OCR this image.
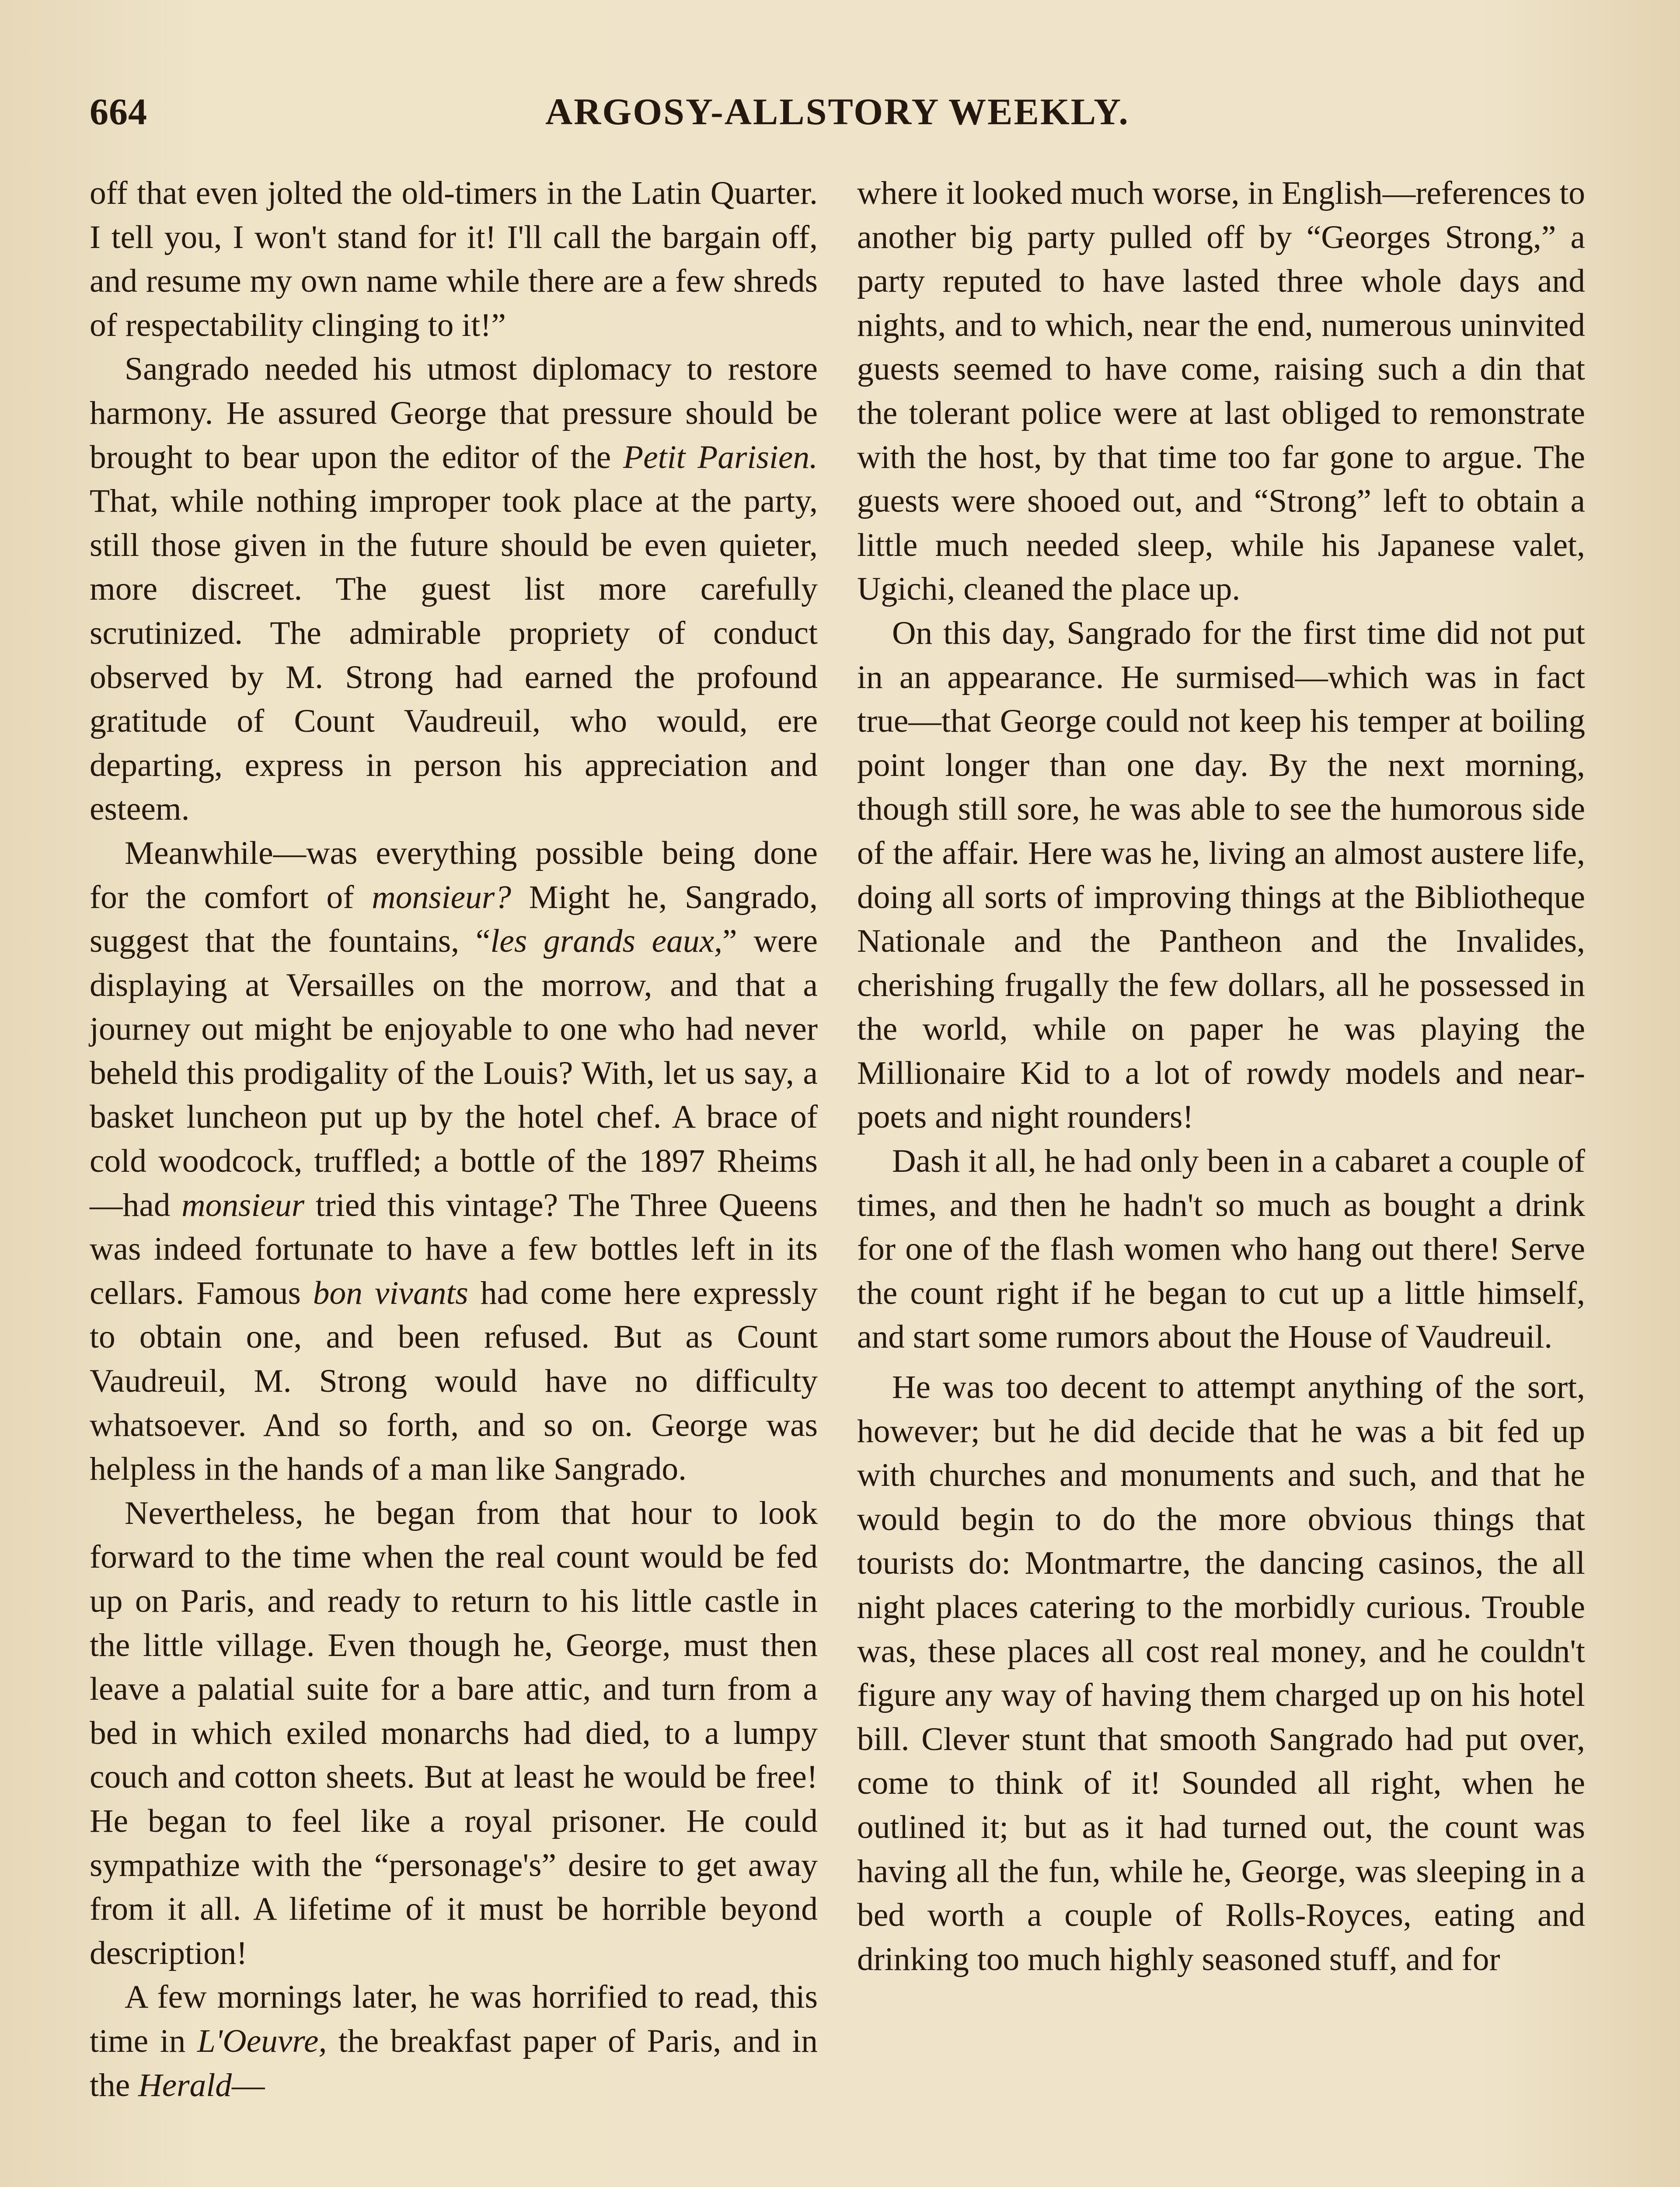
664	ARGOSY-ALLSTORY WEEKLY.

off that even jolted the old-timers in the Latin Quarter. I tell you, I won't stand for it! I'll call the bargain off, and resume my own name while there are a few shreds of respectability clinging to it!”

Sangrado needed his utmost diplomacy to restore harmony. He assured George that pressure should be brought to bear upon the editor of the Petit Parisien. That, while nothing improper took place at the party, still those given in the future should be even quieter, more discreet. The guest list more carefully scrutinized. The admirable propriety of conduct observed by M. Strong had earned the profound gratitude of Count Vaudreuil, who would, ere departing, express in person his appreciation and esteem.

Meanwhile—was everything possible being done for the comfort of monsieur? Might he, Sangrado, suggest that the fountains, “les grands eaux,” were displaying at Versailles on the morrow, and that a journey out might be enjoyable to one who had never beheld this prodigality of the Louis? With, let us say, a basket luncheon put up by the hotel chef. A brace of cold woodcock, truffled; a bottle of the 1897 Rheims—had monsieur tried this vintage? The Three Queens was indeed fortunate to have a few bottles left in its cellars. Famous bon vivants had come here expressly to obtain one, and been refused. But as Count Vaudreuil, M. Strong would have no difficulty whatsoever. And so forth, and so on. George was helpless in the hands of a man like Sangrado.

Nevertheless, he began from that hour to look forward to the time when the real count would be fed up on Paris, and ready to return to his little castle in the little village. Even though he, George, must then leave a palatial suite for a bare attic, and turn from a bed in which exiled monarchs had died, to a lumpy couch and cotton sheets. But at least he would be free! He began to feel like a royal prisoner. He could sympathize with the “personage's” desire to get away from it all. A lifetime of it must be horrible beyond description!

A few mornings later, he was horrified to read, this time in L'Oeuvre, the breakfast paper of Paris, and in the Herald—

where it looked much worse, in English—references to another big party pulled off by “Georges Strong,” a party reputed to have lasted three whole days and nights, and to which, near the end, numerous uninvited guests seemed to have come, raising such a din that the tolerant police were at last obliged to remonstrate with the host, by that time too far gone to argue. The guests were shooed out, and “Strong” left to obtain a little much needed sleep, while his Japanese valet, Ugichi, cleaned the place up.

On this day, Sangrado for the first time did not put in an appearance. He surmised—which was in fact true—that George could not keep his temper at boiling point longer than one day. By the next morning, though still sore, he was able to see the humorous side of the affair. Here was he, living an almost austere life, doing all sorts of improving things at the Bibliotheque Nationale and the Pantheon and the Invalides, cherishing frugally the few dollars, all he possessed in the world, while on paper he was playing the Millionaire Kid to a lot of rowdy models and near-poets and night rounders!

Dash it all, he had only been in a cabaret a couple of times, and then he hadn't so much as bought a drink for one of the flash women who hang out there! Serve the count right if he began to cut up a little himself, and start some rumors about the House of Vaudreuil.

He was too decent to attempt anything of the sort, however; but he did decide that he was a bit fed up with churches and monuments and such, and that he would begin to do the more obvious things that tourists do: Montmartre, the dancing casinos, the all night places catering to the morbidly curious. Trouble was, these places all cost real money, and he couldn't figure any way of having them charged up on his hotel bill. Clever stunt that smooth Sangrado had put over, come to think of it! Sounded all right, when he outlined it; but as it had turned out, the count was having all the fun, while he, George, was sleeping in a bed worth a couple of Rolls-Royces, eating and drinking too much highly seasoned stuff, and for
